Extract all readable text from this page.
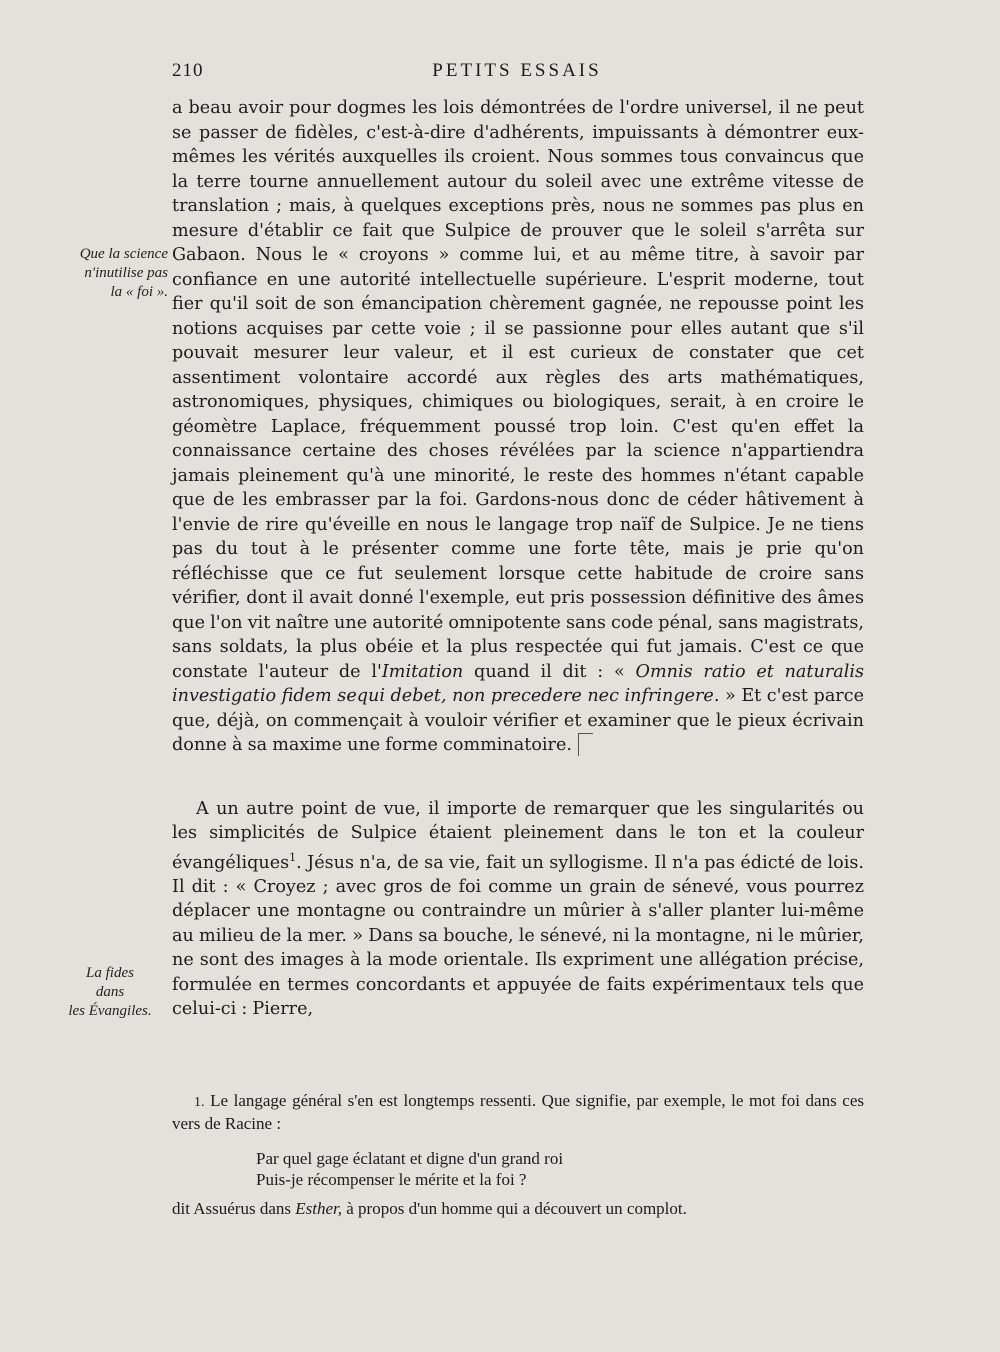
210	PETITS ESSAIS
Que la science
n'inutilise pas
la « foi ».
La fides
dans
les Évangiles.

a beau avoir pour dogmes les lois démontrées de l'ordre universel, il ne peut se passer de fidèles, c'est-à-dire d'adhérents, impuissants à démontrer eux-mêmes les vérités auxquelles ils croient. Nous sommes tous convaincus que la terre tourne annuellement autour du soleil avec une extrême vitesse de translation ; mais, à quelques exceptions près, nous ne sommes pas plus en mesure d'établir ce fait que Sulpice de prouver que le soleil s'arrêta sur Gabaon. Nous le « croyons » comme lui, et au même titre, à savoir par confiance en une autorité intellectuelle supérieure. L'esprit moderne, tout fier qu'il soit de son émancipation chèrement gagnée, ne repousse point les notions acquises par cette voie ; il se passionne pour elles autant que s'il pouvait mesurer leur valeur, et il est curieux de constater que cet assentiment volontaire accordé aux règles des arts mathématiques, astronomiques, physiques, chimiques ou biologiques, serait, à en croire le géomètre Laplace, fréquemment poussé trop loin. C'est qu'en effet la connaissance certaine des choses révélées par la science n'appartiendra jamais pleinement qu'à une minorité, le reste des hommes n'étant capable que de les embrasser par la foi. Gardons-nous donc de céder hâtivement à l'envie de rire qu'éveille en nous le langage trop naïf de Sulpice. Je ne tiens pas du tout à le présenter comme une forte tête, mais je prie qu'on réfléchisse que ce fut seulement lorsque cette habitude de croire sans vérifier, dont il avait donné l'exemple, eut pris possession définitive des âmes que l'on vit naître une autorité omnipotente sans code pénal, sans magistrats, sans soldats, la plus obéie et la plus respectée qui fut jamais. C'est ce que constate l'auteur de l'Imitation quand il dit : « Omnis ratio et naturalis investigatio fidem sequi debet, non precedere nec infringere. » Et c'est parce que, déjà, on commençait à vouloir vérifier et examiner que le pieux écrivain donne à sa maxime une forme comminatoire.

A un autre point de vue, il importe de remarquer que les singularités ou les simplicités de Sulpice étaient pleinement dans le ton et la couleur évangéliques$^1$. Jésus n'a, de sa vie, fait un syllogisme. Il n'a pas édicté de lois. Il dit : « Croyez ; avec gros de foi comme un grain de sénevé, vous pourrez déplacer une montagne ou contraindre un mûrier à s'aller planter lui-même au milieu de la mer. » Dans sa bouche, le sénevé, ni la montagne, ni le mûrier, ne sont des images à la mode orientale. Ils expriment une allégation précise, formulée en termes concordants et appuyée de faits expérimentaux tels que celui-ci : Pierre,

1. Le langage général s'en est longtemps ressenti. Que signifie, par exemple, le mot foi dans ces vers de Racine :

Par quel gage éclatant et digne d'un grand roi
Puis-je récompenser le mérite et la foi ?

dit Assuérus dans Esther, à propos d'un homme qui a découvert un complot.
